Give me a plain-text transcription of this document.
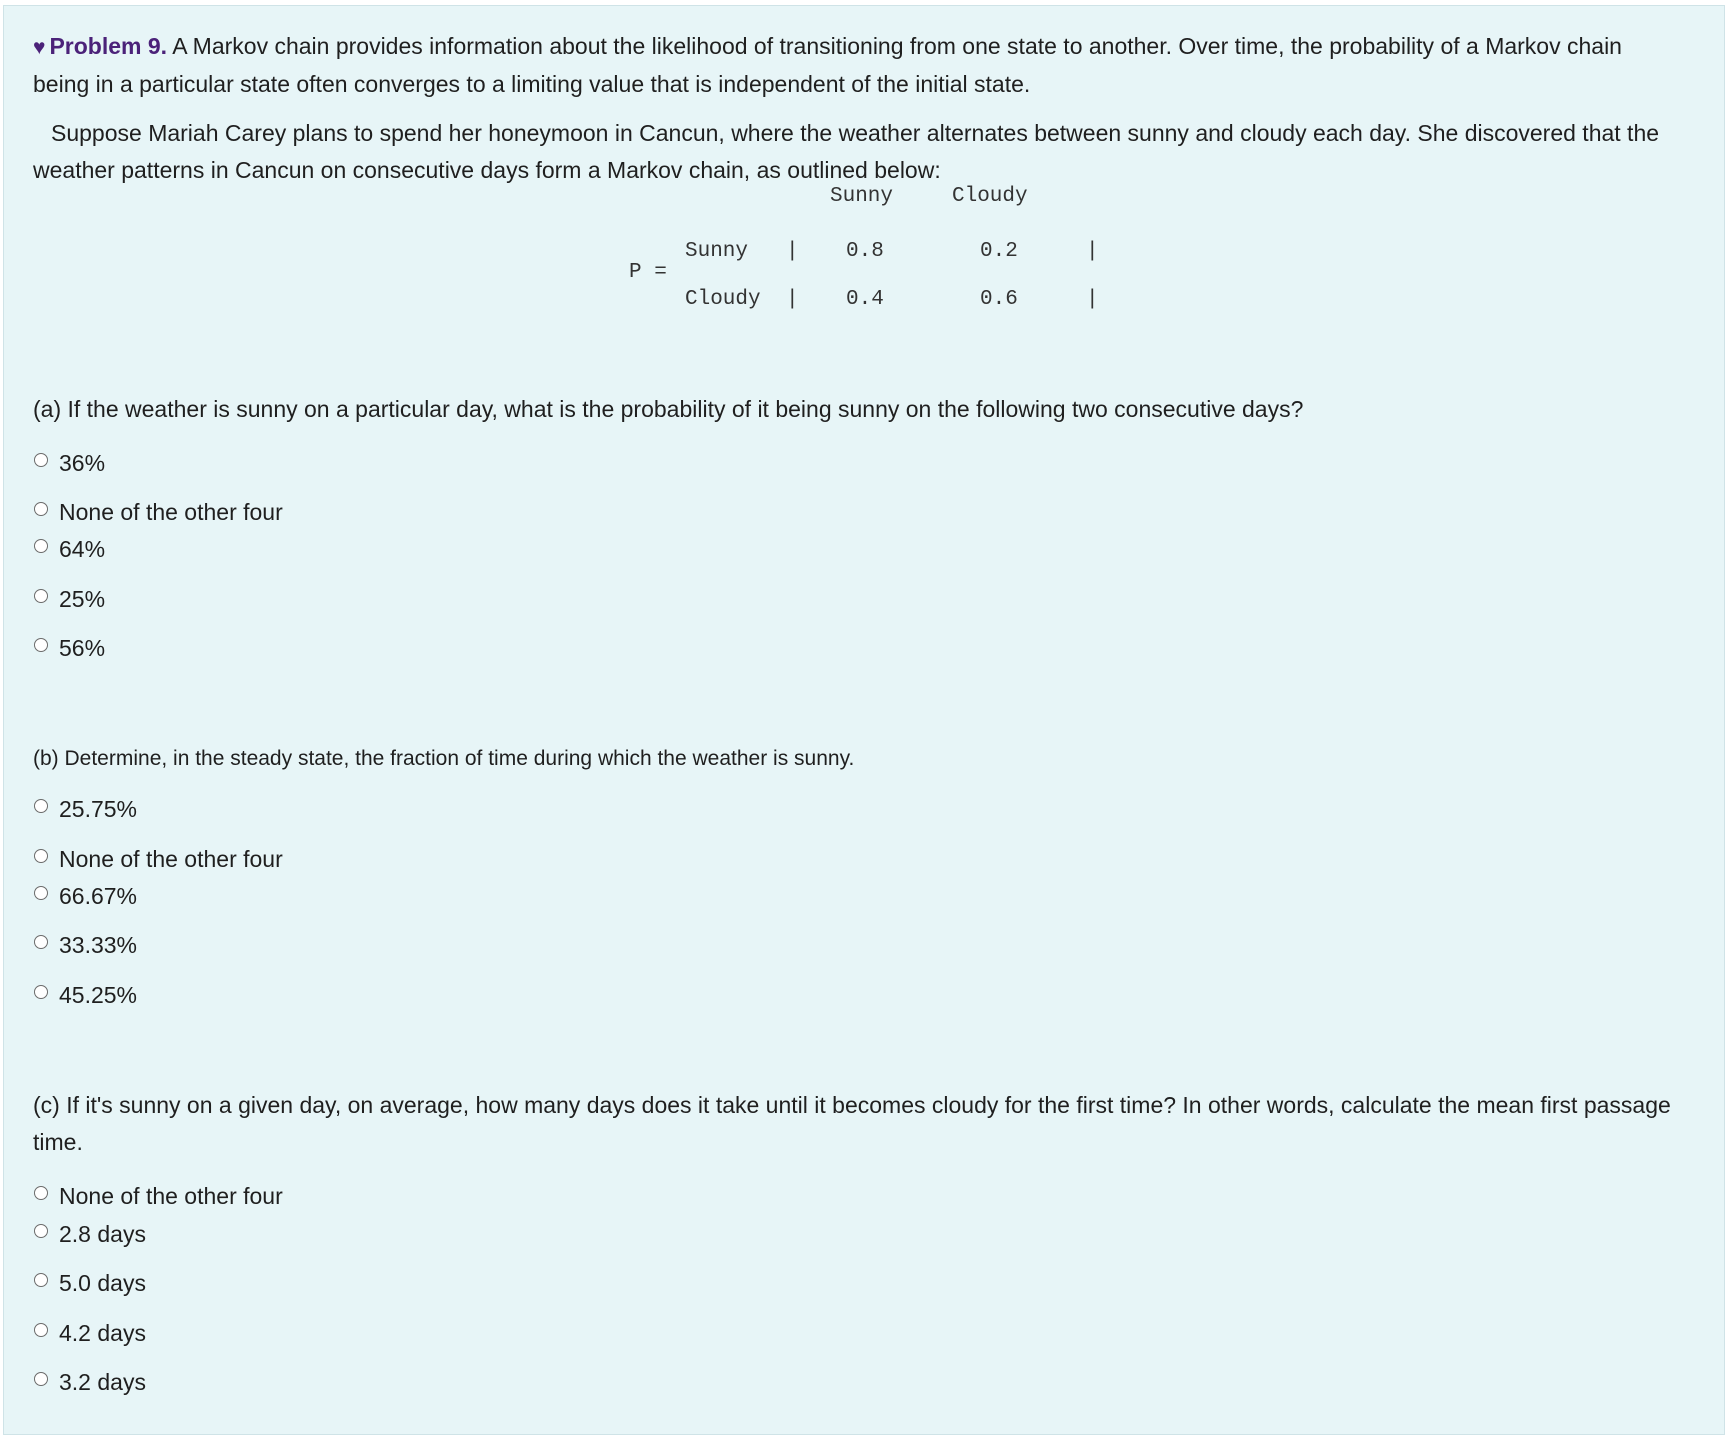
♥ Problem 9. A Markov chain provides information about the likelihood of transitioning from one state to another. Over time, the probability of a Markov chain being in a particular state often converges to a limiting value that is independent of the initial state.
Suppose Mariah Carey plans to spend her honeymoon in Cancun, where the weather alternates between sunny and cloudy each day. She discovered that the weather patterns in Cancun on consecutive days form a Markov chain, as outlined below:
Sunny	Cloudy
P =
Sunny | 0.8	0.2	|
Cloudy | 0.4	0.6	|
(a) If the weather is sunny on a particular day, what is the probability of it being sunny on the following two consecutive days?
36%
None of the other four
64%
25%
56%
(b) Determine, in the steady state, the fraction of time during which the weather is sunny.
25.75%
None of the other four
66.67%
33.33%
45.25%
(c) If it's sunny on a given day, on average, how many days does it take until it becomes cloudy for the first time? In other words, calculate the mean first passage time.
None of the other four
2.8 days
5.0 days
4.2 days
3.2 days
